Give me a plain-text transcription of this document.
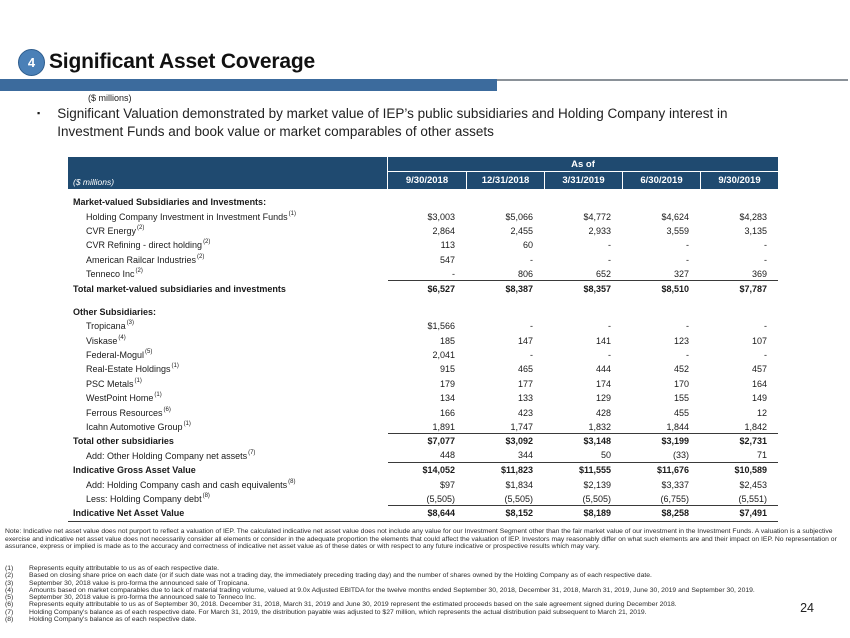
4 Significant Asset Coverage
($ millions)
▪ Significant Valuation demonstrated by market value of IEP’s public subsidiaries and Holding Company interest in Investment Funds and book value or market comparables of other assets

($ millions)
As of
9/30/2018	12/31/2018	3/31/2019	6/30/2019	9/30/2019
Market-valued Subsidiaries and Investments:
Holding Company Investment in Investment Funds (1)	$3,003	$5,066	$4,772	$4,624	$4,283
CVR Energy (2)	2,864	2,455	2,933	3,559	3,135
CVR Refining - direct holding (2)	113	60	-	-	-
American Railcar Industries (2)	547	-	-	-	-
Tenneco Inc (2)	-	806	652	327	369
Total market-valued subsidiaries and investments	$6,527	$8,387	$8,357	$8,510	$7,787
Other Subsidiaries:
Tropicana (3)	$1,566	-	-	-	-
Viskase (4)	185	147	141	123	107
Federal-Mogul (5)	2,041	-	-	-	-
Real-Estate Holdings (1)	915	465	444	452	457
PSC Metals (1)	179	177	174	170	164
WestPoint Home (1)	134	133	129	155	149
Ferrous Resources (6)	166	423	428	455	12
Icahn Automotive Group (1)	1,891	1,747	1,832	1,844	1,842
Total other subsidiaries	$7,077	$3,092	$3,148	$3,199	$2,731
Add: Other Holding Company net assets (7)	448	344	50	(33)	71
Indicative Gross Asset Value	$14,052	$11,823	$11,555	$11,676	$10,589
Add: Holding Company cash and cash equivalents (8)	$97	$1,834	$2,139	$3,337	$2,453
Less: Holding Company debt (8)	(5,505)	(5,505)	(5,505)	(6,755)	(5,551)
Indicative Net Asset Value	$8,644	$8,152	$8,189	$8,258	$7,491
Note: Indicative net asset value does not purport to reflect a valuation of IEP. The calculated indicative net asset value does not include any value for our Investment Segment other than the fair market value of our investment in the Investment Funds. A valuation is a subjective exercise and indicative net asset value does not necessarily consider all elements or consider in the adequate proportion the elements that could affect the valuation of IEP. Investors may reasonably differ on what such elements are and their impact on IEP. No representation or assurance, express or implied is made as to the accuracy and correctness of indicative net asset value as of these dates or with respect to any future indicative or prospective results which may vary.
(1)	Represents equity attributable to us as of each respective date.
(2)	Based on closing share price on each date (or if such date was not a trading day, the immediately preceding trading day) and the number of shares owned by the Holding Company as of each respective date.
(3)	September 30, 2018 value is pro-forma the announced sale of Tropicana.
(4)	Amounts based on market comparables due to lack of material trading volume, valued at 9.0x Adjusted EBITDA for the twelve months ended September 30, 2018, December 31, 2018, March 31, 2019, June 30, 2019 and September 30, 2019.
(5)	September 30, 2018 value is pro-forma the announced sale to Tenneco Inc.
(6)	Represents equity attributable to us as of September 30, 2018. December 31, 2018, March 31, 2019 and June 30, 2019 represent the estimated proceeds based on the sale agreement signed during December 2018.
(7)	Holding Company's balance as of each respective date. For March 31, 2019, the distribution payable was adjusted to $27 million, which represents the actual distribution paid subsequent to March 21, 2019.
(8)	Holding Company's balance as of each respective date.
24
